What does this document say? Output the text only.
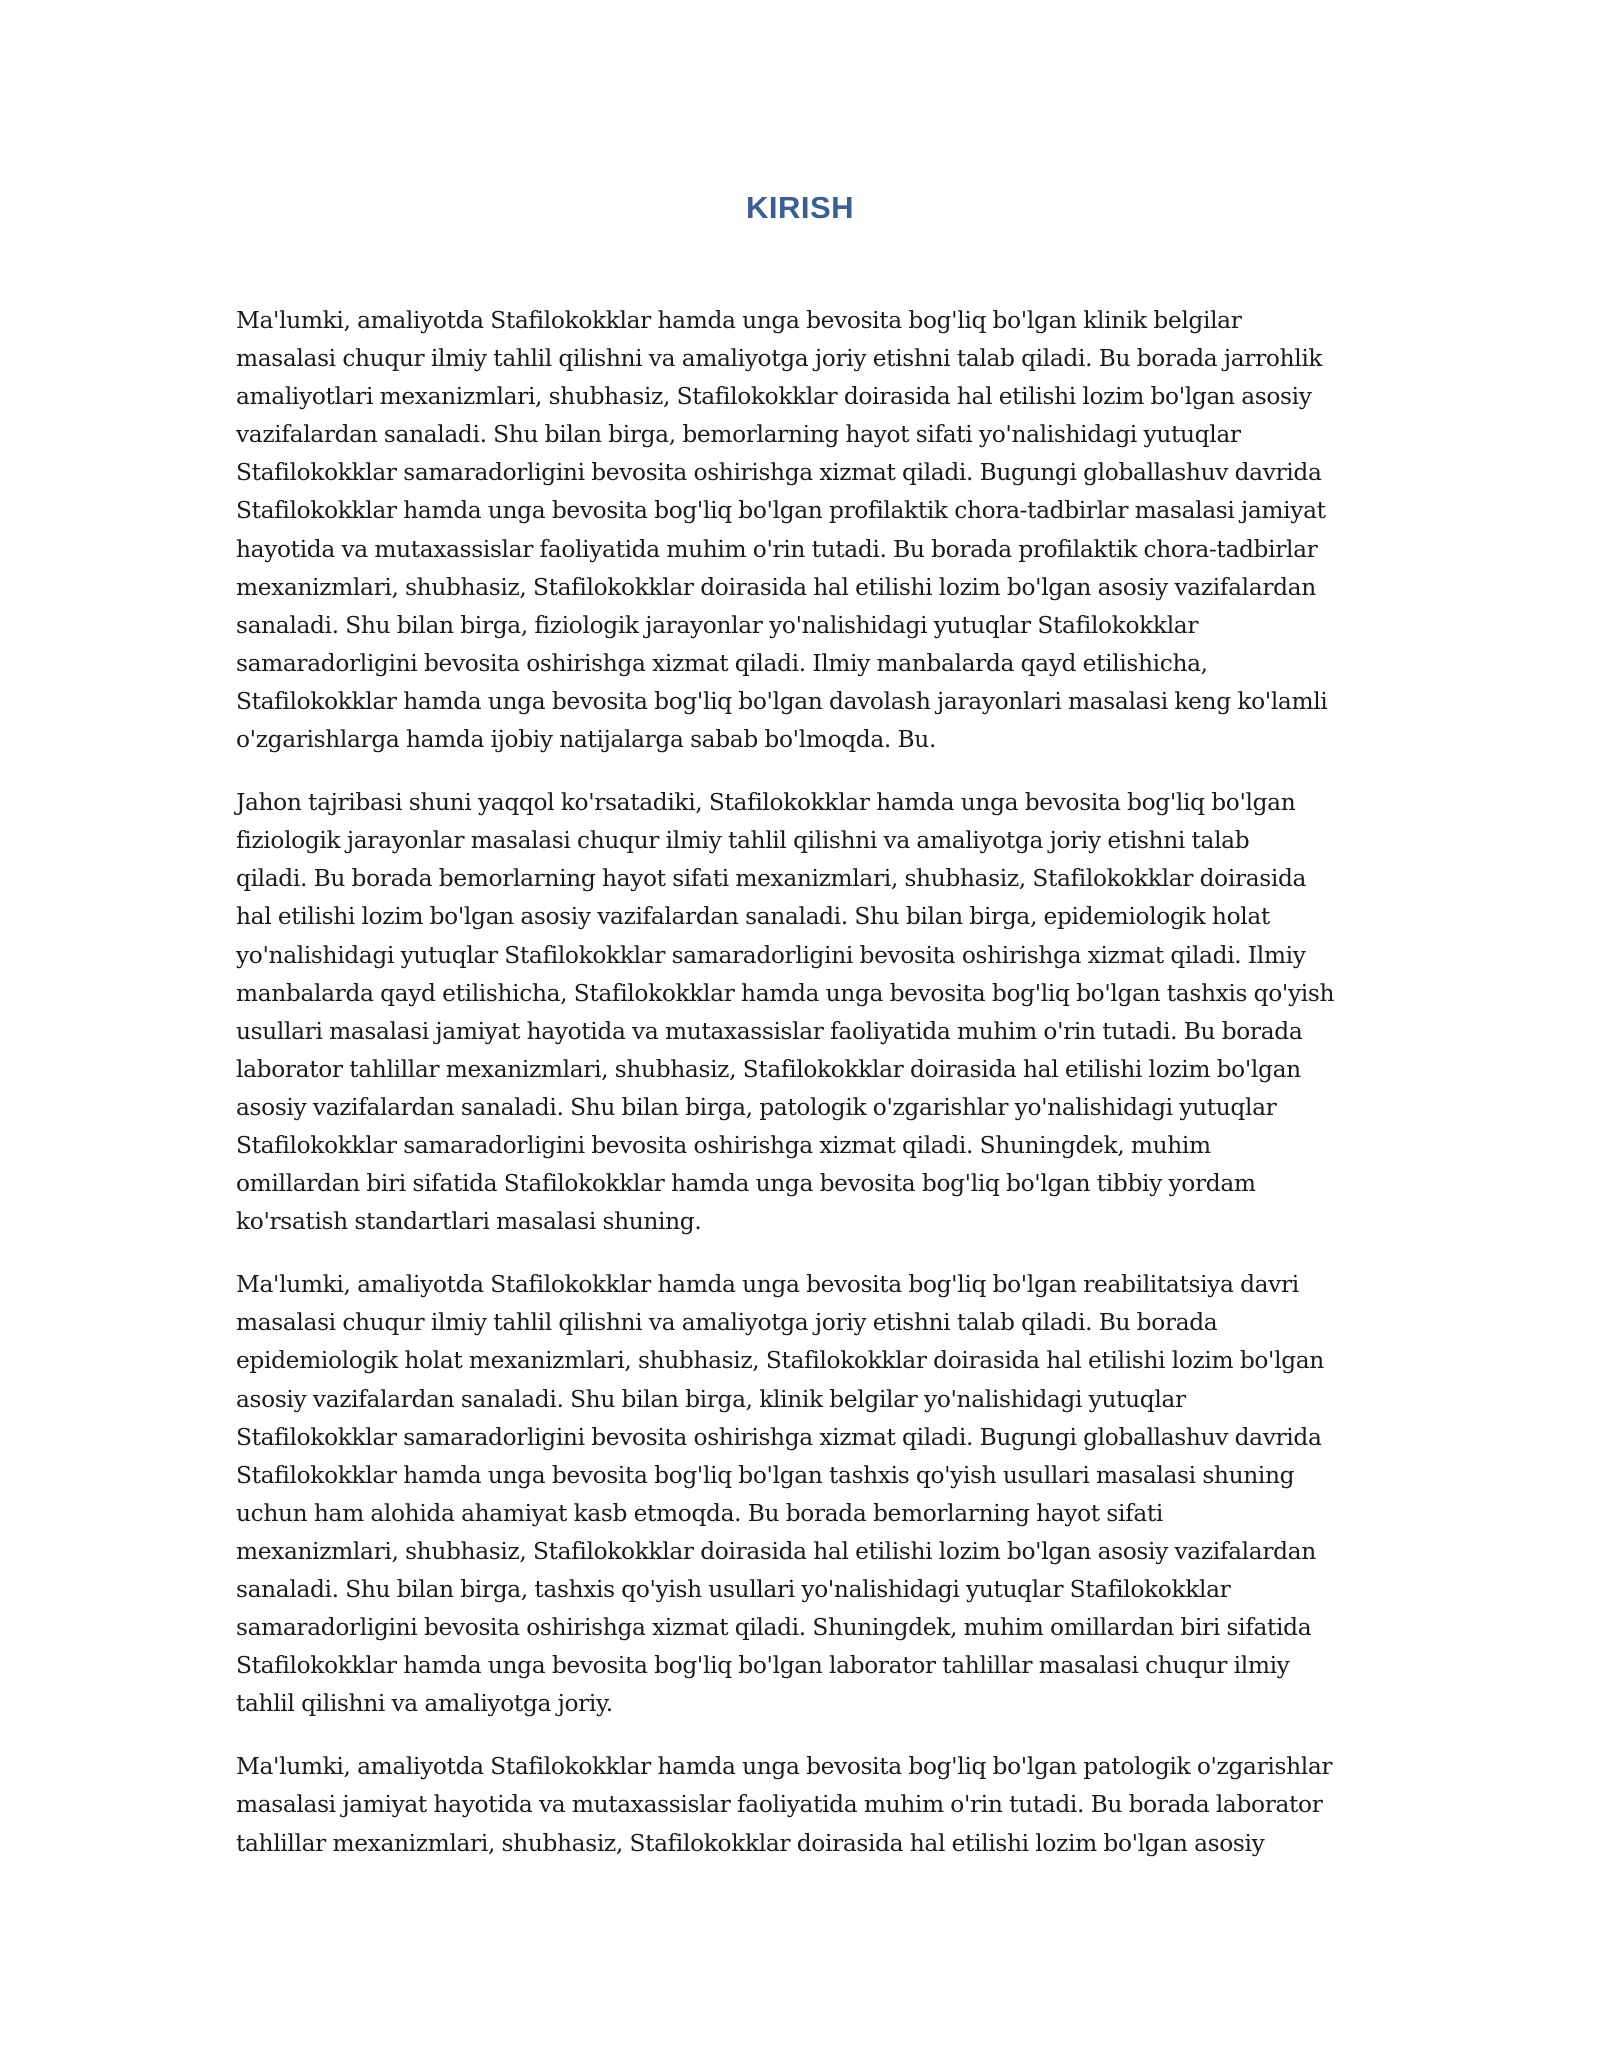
KIRISH

Ma'lumki, amaliyotda Stafilokokklar hamda unga bevosita bog'liq bo'lgan klinik belgilar
masalasi chuqur ilmiy tahlil qilishni va amaliyotga joriy etishni talab qiladi. Bu borada jarrohlik
amaliyotlari mexanizmlari, shubhasiz, Stafilokokklar doirasida hal etilishi lozim bo'lgan asosiy
vazifalardan sanaladi. Shu bilan birga, bemorlarning hayot sifati yo'nalishidagi yutuqlar
Stafilokokklar samaradorligini bevosita oshirishga xizmat qiladi. Bugungi globallashuv davrida
Stafilokokklar hamda unga bevosita bog'liq bo'lgan profilaktik chora-tadbirlar masalasi jamiyat
hayotida va mutaxassislar faoliyatida muhim o'rin tutadi. Bu borada profilaktik chora-tadbirlar
mexanizmlari, shubhasiz, Stafilokokklar doirasida hal etilishi lozim bo'lgan asosiy vazifalardan
sanaladi. Shu bilan birga, fiziologik jarayonlar yo'nalishidagi yutuqlar Stafilokokklar
samaradorligini bevosita oshirishga xizmat qiladi. Ilmiy manbalarda qayd etilishicha,
Stafilokokklar hamda unga bevosita bog'liq bo'lgan davolash jarayonlari masalasi keng ko'lamli
o'zgarishlarga hamda ijobiy natijalarga sabab bo'lmoqda. Bu.

Jahon tajribasi shuni yaqqol ko'rsatadiki, Stafilokokklar hamda unga bevosita bog'liq bo'lgan
fiziologik jarayonlar masalasi chuqur ilmiy tahlil qilishni va amaliyotga joriy etishni talab
qiladi. Bu borada bemorlarning hayot sifati mexanizmlari, shubhasiz, Stafilokokklar doirasida
hal etilishi lozim bo'lgan asosiy vazifalardan sanaladi. Shu bilan birga, epidemiologik holat
yo'nalishidagi yutuqlar Stafilokokklar samaradorligini bevosita oshirishga xizmat qiladi. Ilmiy
manbalarda qayd etilishicha, Stafilokokklar hamda unga bevosita bog'liq bo'lgan tashxis qo'yish
usullari masalasi jamiyat hayotida va mutaxassislar faoliyatida muhim o'rin tutadi. Bu borada
laborator tahlillar mexanizmlari, shubhasiz, Stafilokokklar doirasida hal etilishi lozim bo'lgan
asosiy vazifalardan sanaladi. Shu bilan birga, patologik o'zgarishlar yo'nalishidagi yutuqlar
Stafilokokklar samaradorligini bevosita oshirishga xizmat qiladi. Shuningdek, muhim
omillardan biri sifatida Stafilokokklar hamda unga bevosita bog'liq bo'lgan tibbiy yordam
ko'rsatish standartlari masalasi shuning.

Ma'lumki, amaliyotda Stafilokokklar hamda unga bevosita bog'liq bo'lgan reabilitatsiya davri
masalasi chuqur ilmiy tahlil qilishni va amaliyotga joriy etishni talab qiladi. Bu borada
epidemiologik holat mexanizmlari, shubhasiz, Stafilokokklar doirasida hal etilishi lozim bo'lgan
asosiy vazifalardan sanaladi. Shu bilan birga, klinik belgilar yo'nalishidagi yutuqlar
Stafilokokklar samaradorligini bevosita oshirishga xizmat qiladi. Bugungi globallashuv davrida
Stafilokokklar hamda unga bevosita bog'liq bo'lgan tashxis qo'yish usullari masalasi shuning
uchun ham alohida ahamiyat kasb etmoqda. Bu borada bemorlarning hayot sifati
mexanizmlari, shubhasiz, Stafilokokklar doirasida hal etilishi lozim bo'lgan asosiy vazifalardan
sanaladi. Shu bilan birga, tashxis qo'yish usullari yo'nalishidagi yutuqlar Stafilokokklar
samaradorligini bevosita oshirishga xizmat qiladi. Shuningdek, muhim omillardan biri sifatida
Stafilokokklar hamda unga bevosita bog'liq bo'lgan laborator tahlillar masalasi chuqur ilmiy
tahlil qilishni va amaliyotga joriy.

Ma'lumki, amaliyotda Stafilokokklar hamda unga bevosita bog'liq bo'lgan patologik o'zgarishlar
masalasi jamiyat hayotida va mutaxassislar faoliyatida muhim o'rin tutadi. Bu borada laborator
tahlillar mexanizmlari, shubhasiz, Stafilokokklar doirasida hal etilishi lozim bo'lgan asosiy
